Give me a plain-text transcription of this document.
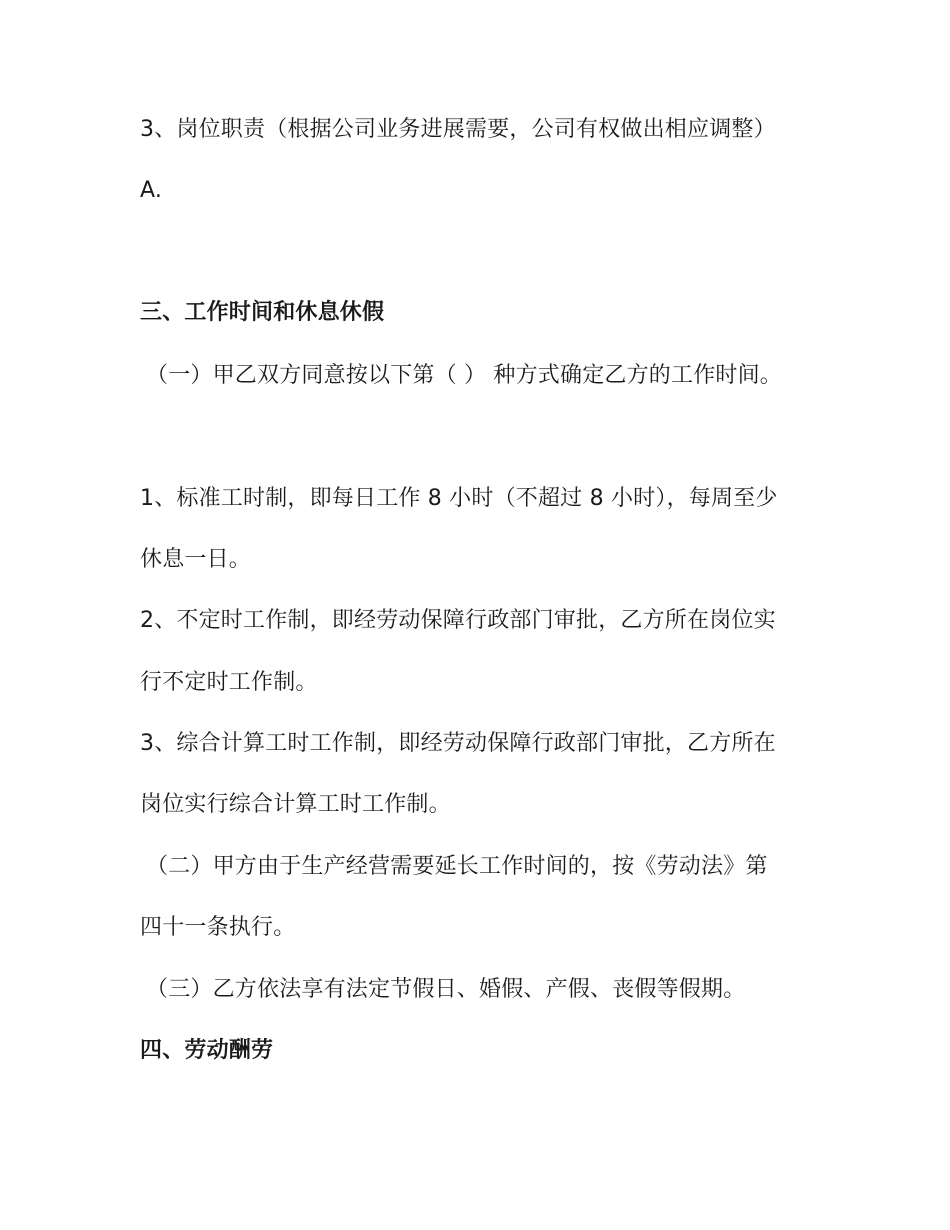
3、岗位职责（根据公司业务进展需要，公司有权做出相应调整）
A.
三、工作时间和休息休假
（一）甲乙双方同意按以下第（ ） 种方式确定乙方的工作时间。
1、标准工时制，即每日工作 8 小时（不超过 8 小时），每周至少
休息一日。
2、不定时工作制，即经劳动保障行政部门审批，乙方所在岗位实
行不定时工作制。
3、综合计算工时工作制，即经劳动保障行政部门审批，乙方所在
岗位实行综合计算工时工作制。
（二）甲方由于生产经营需要延长工作时间的，按《劳动法》第
四十一条执行。
（三）乙方依法享有法定节假日、婚假、产假、丧假等假期。
四、劳动酬劳
